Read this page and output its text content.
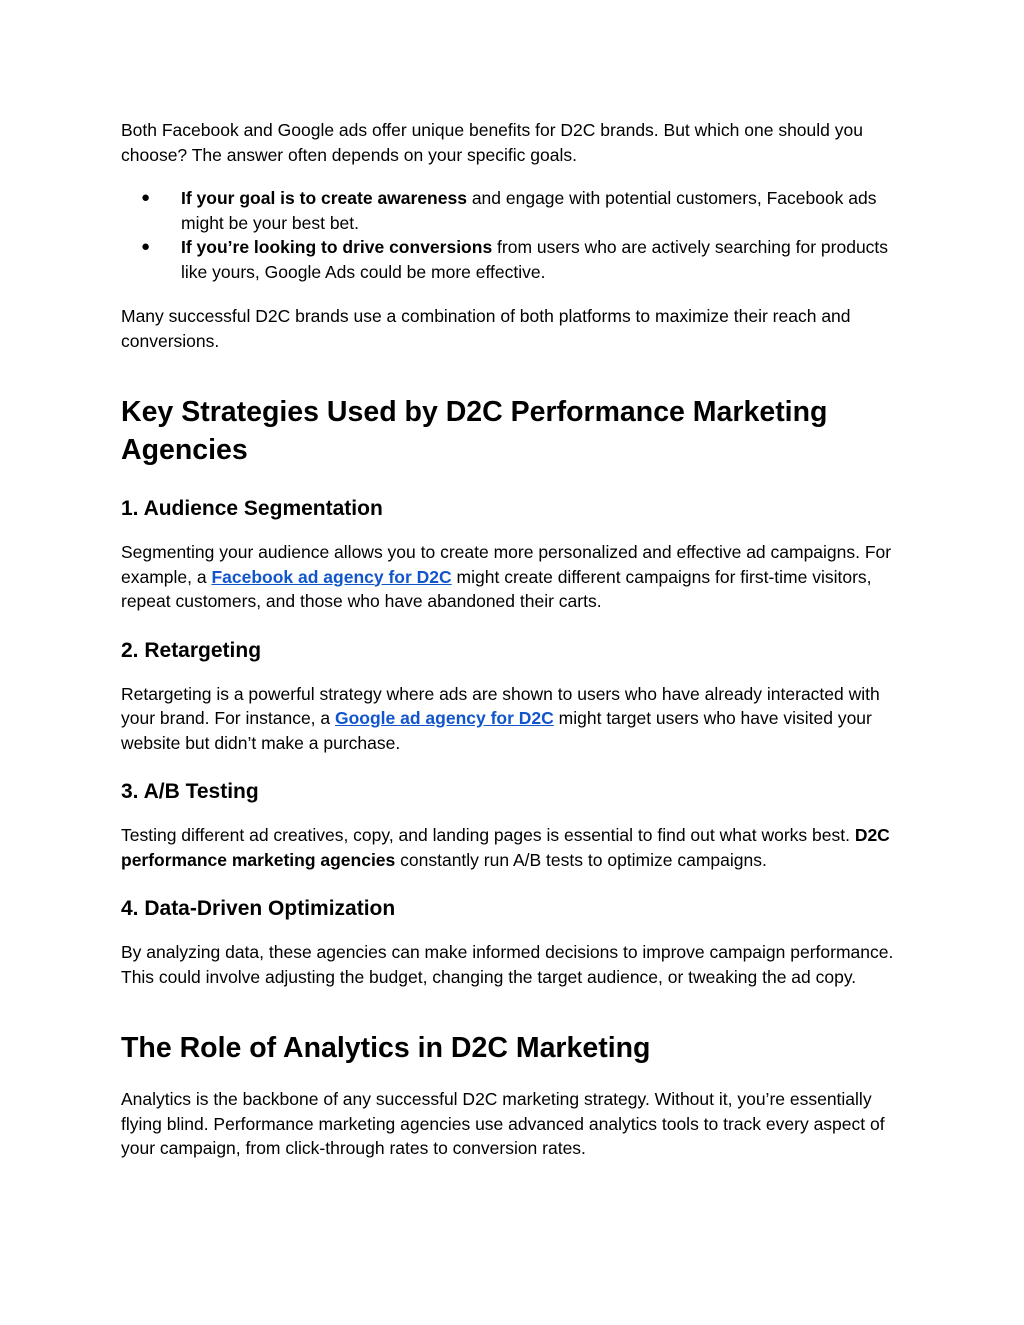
Both Facebook and Google ads offer unique benefits for D2C brands. But which one should you choose? The answer often depends on your specific goals.

● If your goal is to create awareness and engage with potential customers, Facebook ads might be your best bet.
● If you’re looking to drive conversions from users who are actively searching for products like yours, Google Ads could be more effective.

Many successful D2C brands use a combination of both platforms to maximize their reach and conversions.

Key Strategies Used by D2C Performance Marketing Agencies
1. Audience Segmentation

Segmenting your audience allows you to create more personalized and effective ad campaigns. For example, a Facebook ad agency for D2C might create different campaigns for first-time visitors, repeat customers, and those who have abandoned their carts.

2. Retargeting

Retargeting is a powerful strategy where ads are shown to users who have already interacted with your brand. For instance, a Google ad agency for D2C might target users who have visited your website but didn’t make a purchase.

3. A/B Testing

Testing different ad creatives, copy, and landing pages is essential to find out what works best. D2C performance marketing agencies constantly run A/B tests to optimize campaigns.

4. Data-Driven Optimization

By analyzing data, these agencies can make informed decisions to improve campaign performance. This could involve adjusting the budget, changing the target audience, or tweaking the ad copy.

The Role of Analytics in D2C Marketing

Analytics is the backbone of any successful D2C marketing strategy. Without it, you’re essentially flying blind. Performance marketing agencies use advanced analytics tools to track every aspect of your campaign, from click-through rates to conversion rates.
